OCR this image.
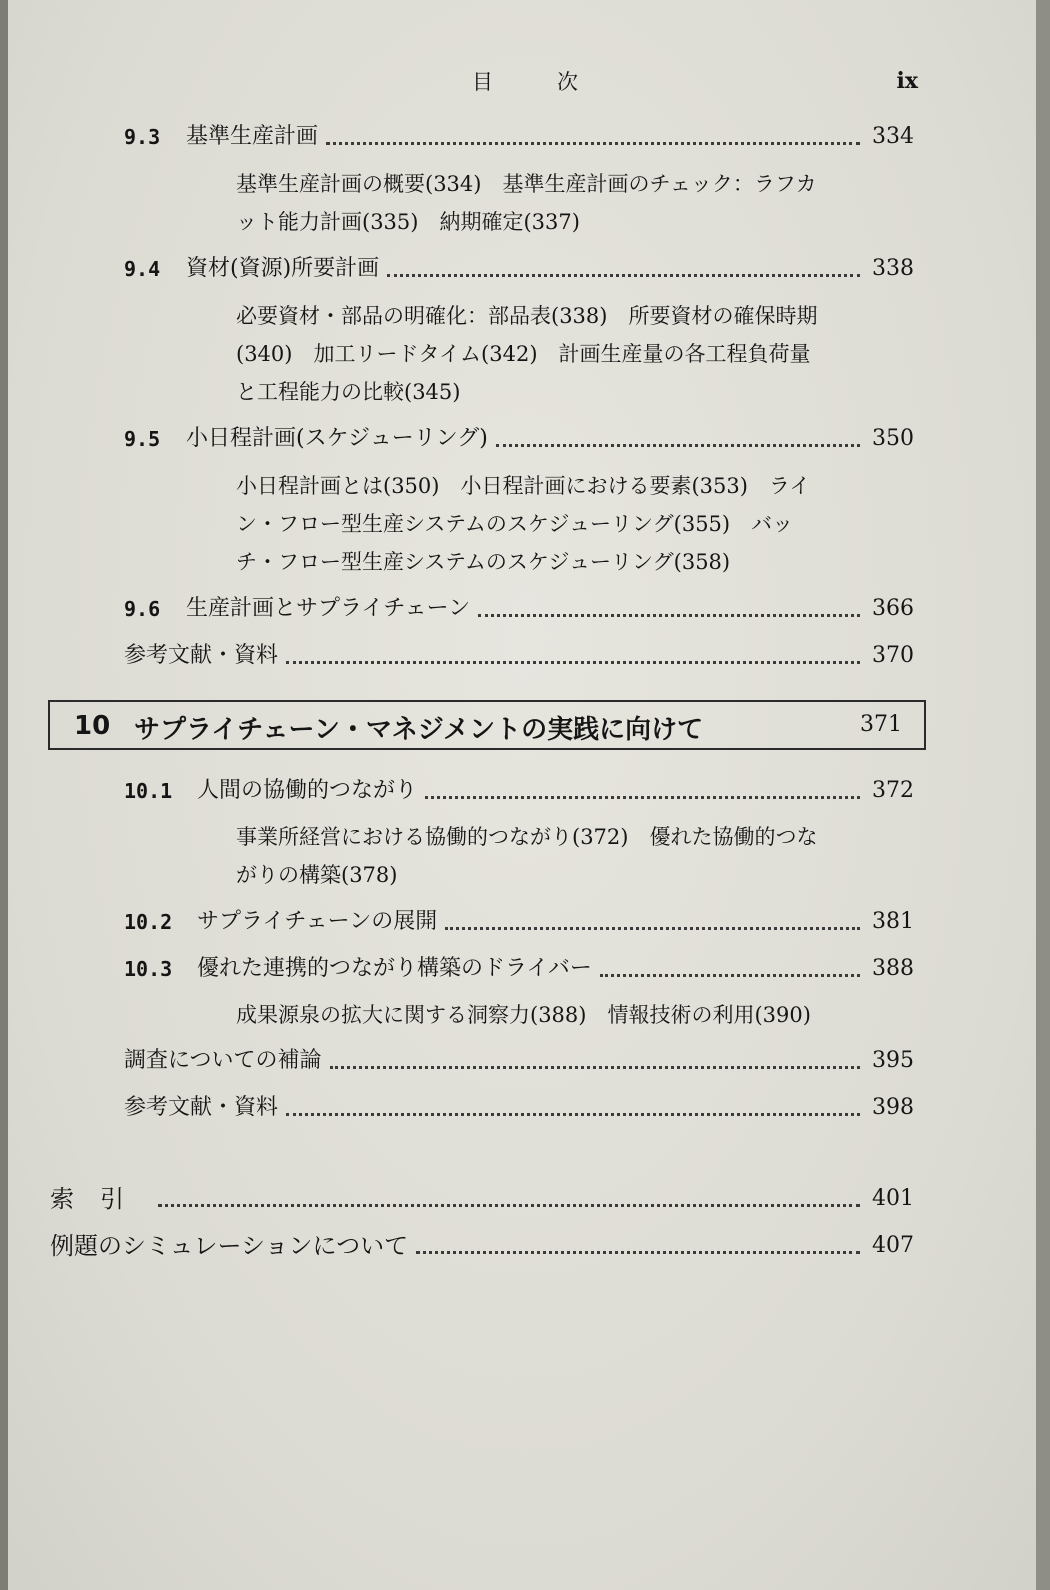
目次	ix
9.3	基準生産計画	334
基準生産計画の概要(334)　基準生産計画のチェック：ラフカ
ット能力計画(335)　納期確定(337)
9.4	資材(資源)所要計画	338
必要資材・部品の明確化：部品表(338)　所要資材の確保時期
(340)　加工リードタイム(342)　計画生産量の各工程負荷量
と工程能力の比較(345)
9.5	小日程計画(スケジューリング)	350
小日程計画とは(350)　小日程計画における要素(353)　ライ
ン・フロー型生産システムのスケジューリング(355)　バッ
チ・フロー型生産システムのスケジューリング(358)
9.6	生産計画とサプライチェーン	366
参考文献・資料	370
10 サプライチェーン・マネジメントの実践に向けて	371
10.1	人間の協働的つながり	372
事業所経営における協働的つながり(372)　優れた協働的つな
がりの構築(378)
10.2	サプライチェーンの展開	381
10.3	優れた連携的つながり構築のドライバー	388
成果源泉の拡大に関する洞察力(388)　情報技術の利用(390)
調査についての補論	395
参考文献・資料	398
索引	401
例題のシミュレーションについて	407
